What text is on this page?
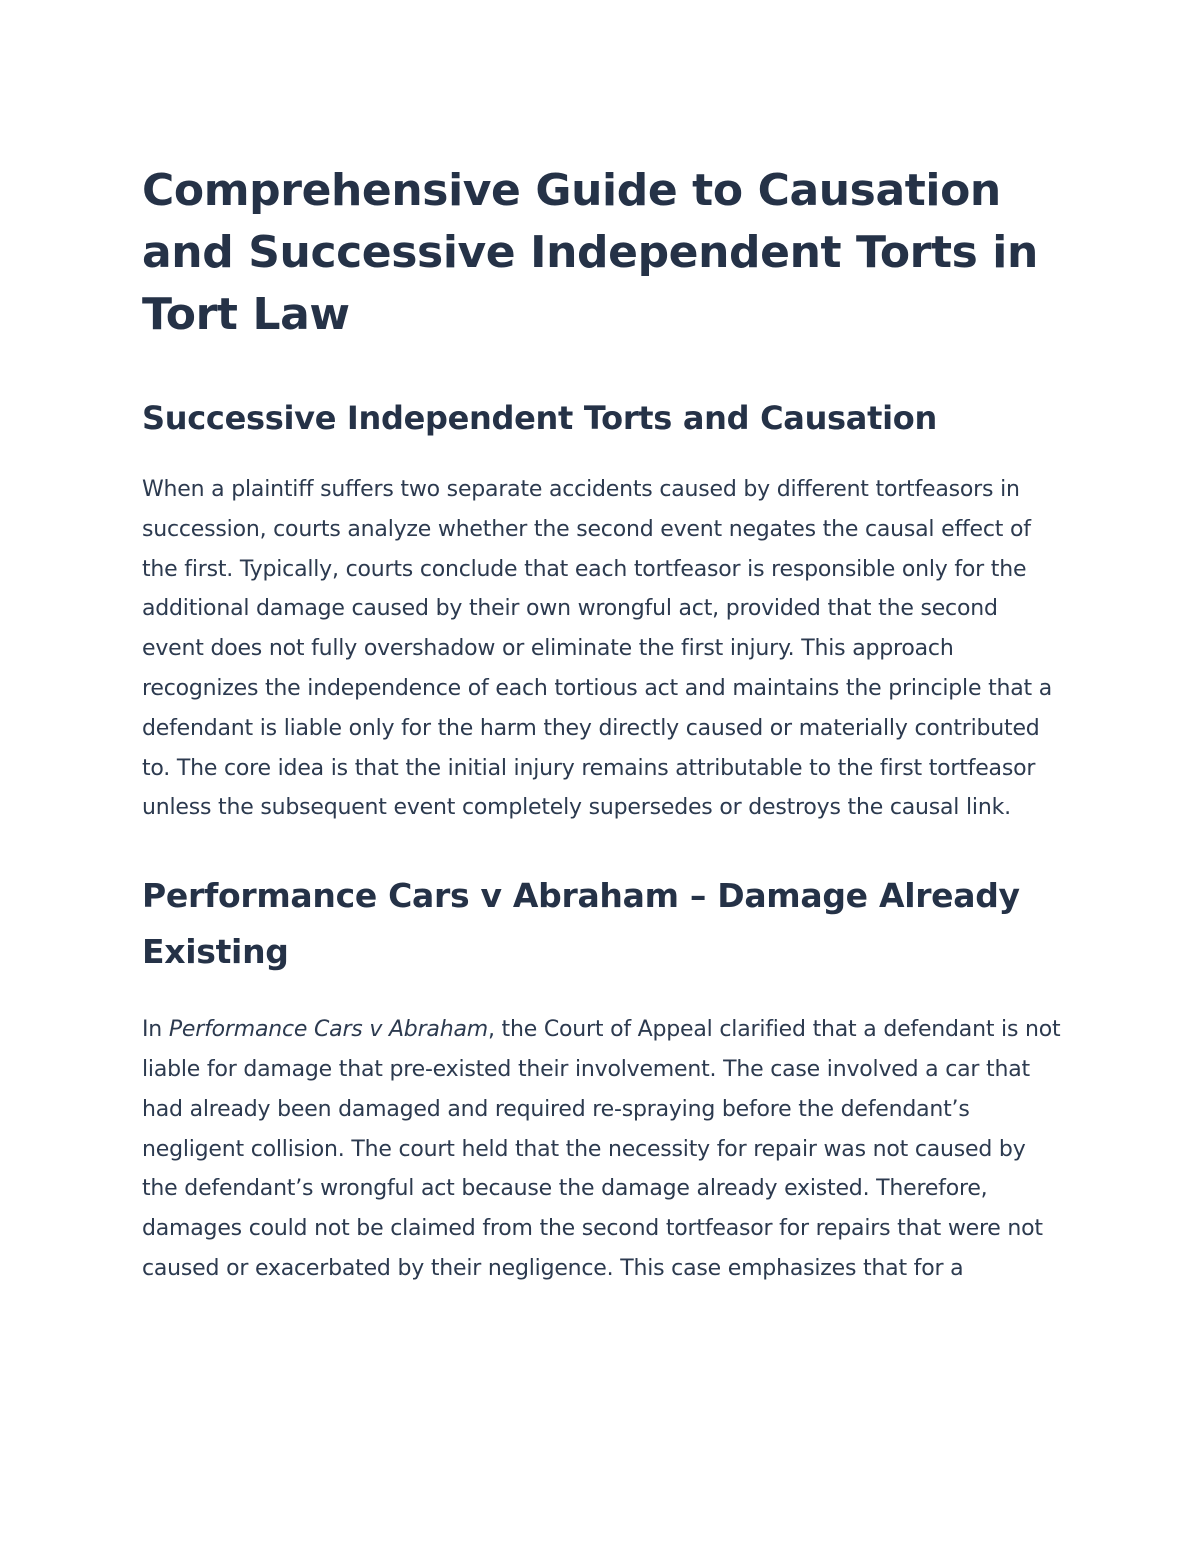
Comprehensive Guide to Causation and Successive Independent Torts in Tort Law
Successive Independent Torts and Causation

When a plaintiff suffers two separate accidents caused by different tortfeasors in succession, courts analyze whether the second event negates the causal effect of the first. Typically, courts conclude that each tortfeasor is responsible only for the additional damage caused by their own wrongful act, provided that the second event does not fully overshadow or eliminate the first injury. This approach recognizes the independence of each tortious act and maintains the principle that a defendant is liable only for the harm they directly caused or materially contributed to. The core idea is that the initial injury remains attributable to the first tortfeasor unless the subsequent event completely supersedes or destroys the causal link.

Performance Cars v Abraham – Damage Already Existing

In Performance Cars v Abraham, the Court of Appeal clarified that a defendant is not liable for damage that pre-existed their involvement. The case involved a car that had already been damaged and required re-spraying before the defendant’s negligent collision. The court held that the necessity for repair was not caused by the defendant’s wrongful act because the damage already existed. Therefore, damages could not be claimed from the second tortfeasor for repairs that were not caused or exacerbated by their negligence. This case emphasizes that for a
